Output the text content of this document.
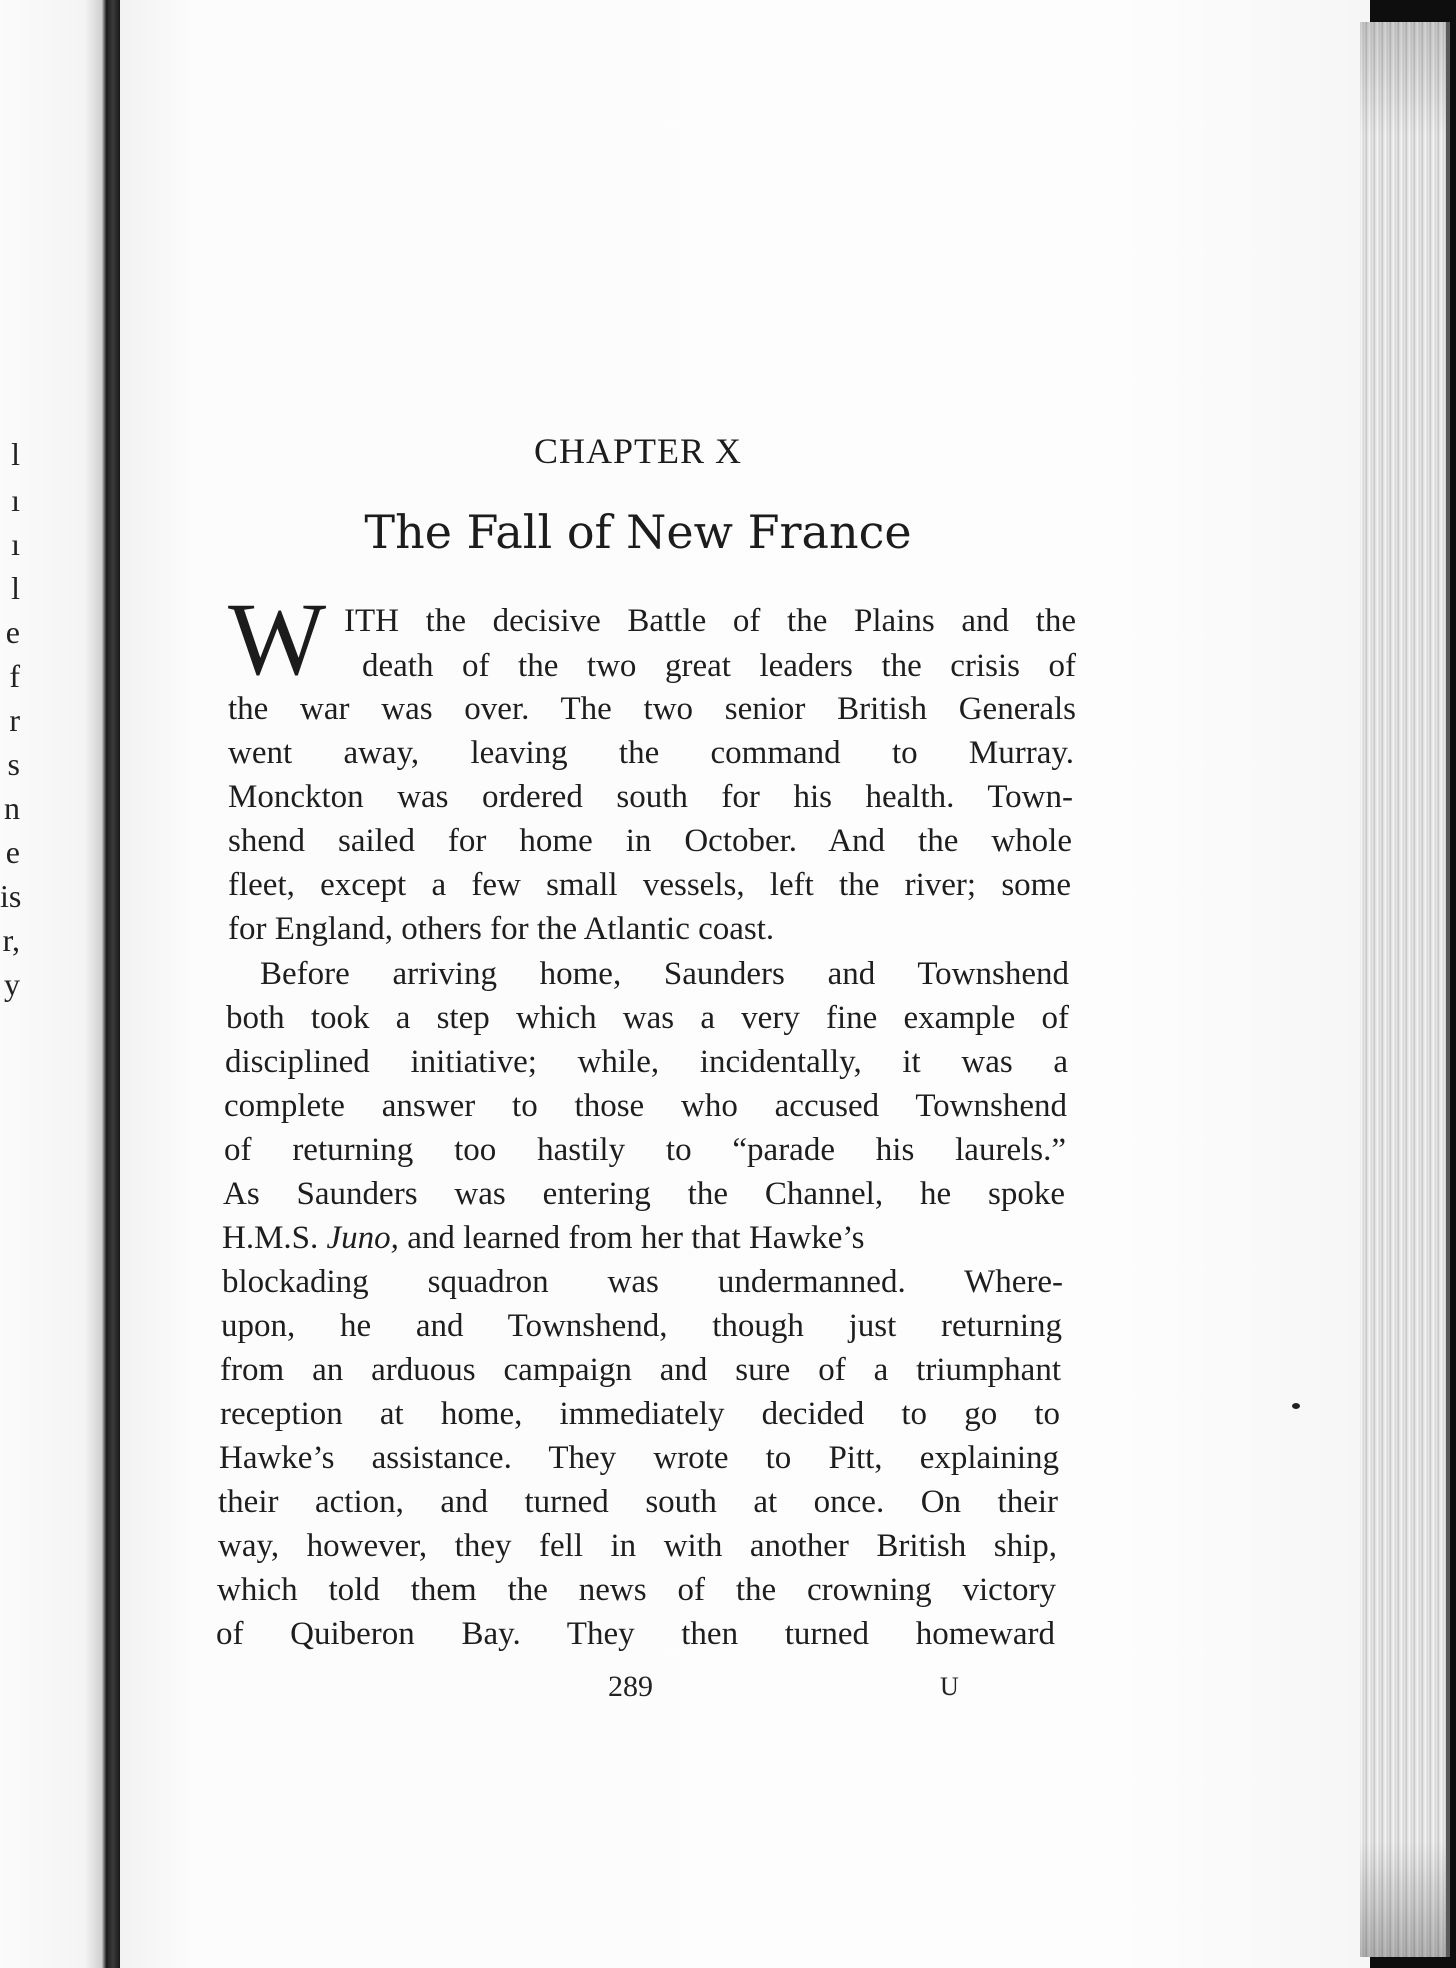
l
ı
ı
l
e
f
r
s
n
e
is
r,
y
CHAPTER X
The Fall of New France
W ITH the decisive Battle of the Plains and the
death of the two great leaders the crisis of
the war was over. The two senior British Generals
went away, leaving the command to Murray.
Monckton was ordered south for his health. Town-
shend sailed for home in October. And the whole
fleet, except a few small vessels, left the river; some
for England, others for the Atlantic coast.
Before arriving home, Saunders and Townshend
both took a step which was a very fine example of
disciplined initiative; while, incidentally, it was a
complete answer to those who accused Townshend
of returning too hastily to “parade his laurels.”
As Saunders was entering the Channel, he spoke
H.M.S. Juno, and learned from her that Hawke’s
blockading squadron was undermanned. Where-
upon, he and Townshend, though just returning
from an arduous campaign and sure of a triumphant
reception at home, immediately decided to go to
Hawke’s assistance. They wrote to Pitt, explaining
their action, and turned south at once. On their
way, however, they fell in with another British ship,
which told them the news of the crowning victory
of Quiberon Bay. They then turned homeward
289	U
